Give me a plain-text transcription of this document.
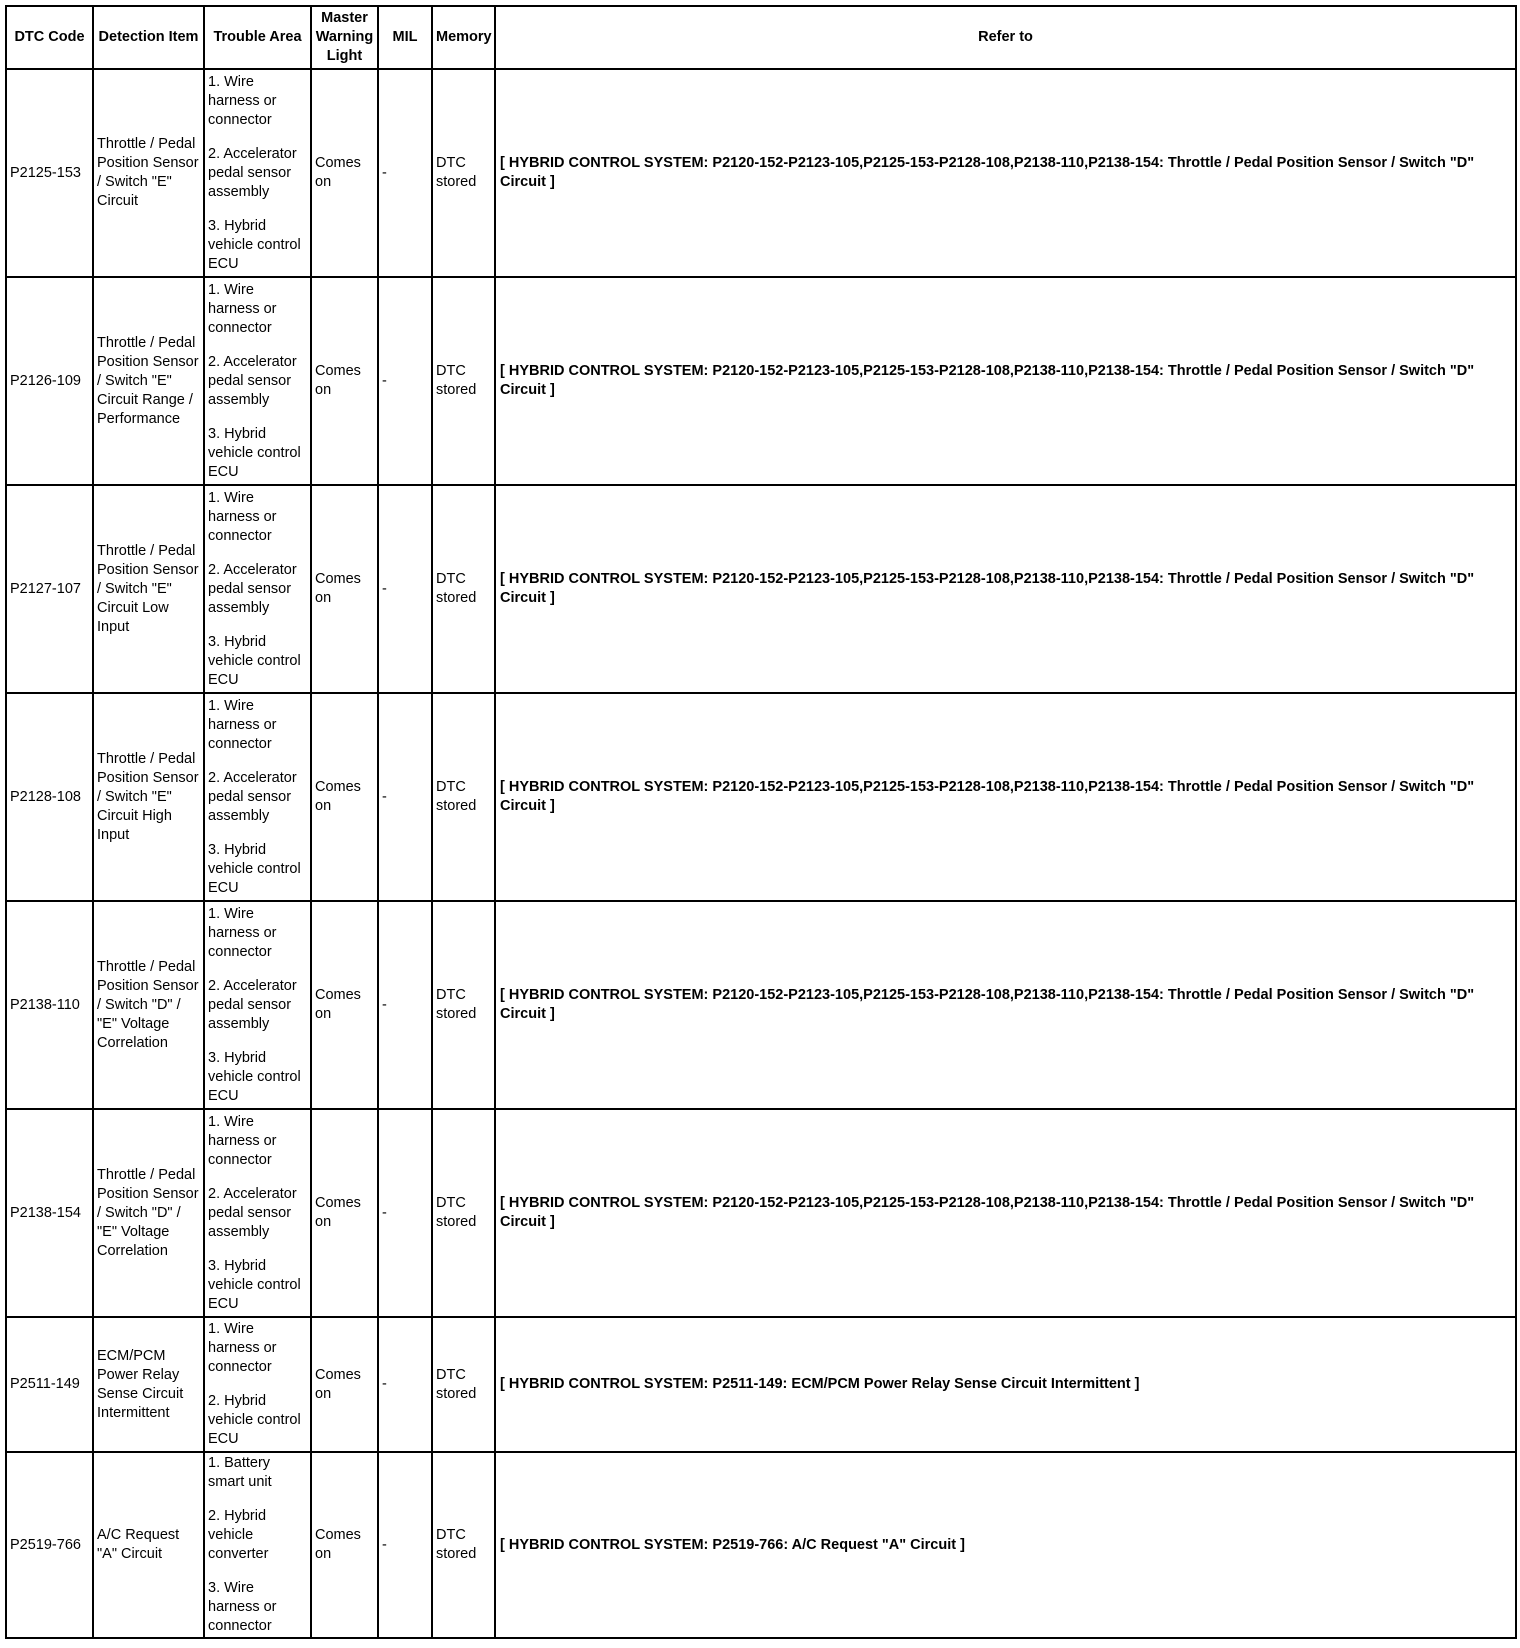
DTC Code	Detection Item	Trouble Area	Master Warning Light	MIL	Memory	Refer to
P2125-153	Throttle / Pedal Position Sensor / Switch "E" Circuit	1. Wire harness or connector
2. Accelerator pedal sensor assembly
3. Hybrid vehicle control ECU	Comes on	-	DTC stored	[ HYBRID CONTROL SYSTEM: P2120-152-P2123-105,P2125-153-P2128-108,P2138-110,P2138-154: Throttle / Pedal Position Sensor / Switch "D" Circuit ]
P2126-109	Throttle / Pedal Position Sensor / Switch "E" Circuit Range / Performance	1. Wire harness or connector
2. Accelerator pedal sensor assembly
3. Hybrid vehicle control ECU	Comes on	-	DTC stored	[ HYBRID CONTROL SYSTEM: P2120-152-P2123-105,P2125-153-P2128-108,P2138-110,P2138-154: Throttle / Pedal Position Sensor / Switch "D" Circuit ]
P2127-107	Throttle / Pedal Position Sensor / Switch "E" Circuit Low Input	1. Wire harness or connector
2. Accelerator pedal sensor assembly
3. Hybrid vehicle control ECU	Comes on	-	DTC stored	[ HYBRID CONTROL SYSTEM: P2120-152-P2123-105,P2125-153-P2128-108,P2138-110,P2138-154: Throttle / Pedal Position Sensor / Switch "D" Circuit ]
P2128-108	Throttle / Pedal Position Sensor / Switch "E" Circuit High Input	1. Wire harness or connector
2. Accelerator pedal sensor assembly
3. Hybrid vehicle control ECU	Comes on	-	DTC stored	[ HYBRID CONTROL SYSTEM: P2120-152-P2123-105,P2125-153-P2128-108,P2138-110,P2138-154: Throttle / Pedal Position Sensor / Switch "D" Circuit ]
P2138-110	Throttle / Pedal Position Sensor / Switch "D" / "E" Voltage Correlation	1. Wire harness or connector
2. Accelerator pedal sensor assembly
3. Hybrid vehicle control ECU	Comes on	-	DTC stored	[ HYBRID CONTROL SYSTEM: P2120-152-P2123-105,P2125-153-P2128-108,P2138-110,P2138-154: Throttle / Pedal Position Sensor / Switch "D" Circuit ]
P2138-154	Throttle / Pedal Position Sensor / Switch "D" / "E" Voltage Correlation	1. Wire harness or connector
2. Accelerator pedal sensor assembly
3. Hybrid vehicle control ECU	Comes on	-	DTC stored	[ HYBRID CONTROL SYSTEM: P2120-152-P2123-105,P2125-153-P2128-108,P2138-110,P2138-154: Throttle / Pedal Position Sensor / Switch "D" Circuit ]
P2511-149	ECM/PCM Power Relay Sense Circuit Intermittent	1. Wire harness or connector
2. Hybrid vehicle control ECU	Comes on	-	DTC stored	[ HYBRID CONTROL SYSTEM: P2511-149: ECM/PCM Power Relay Sense Circuit Intermittent ]
P2519-766	A/C Request "A" Circuit	1. Battery smart unit
2. Hybrid vehicle converter
3. Wire harness or connector	Comes on	-	DTC stored	[ HYBRID CONTROL SYSTEM: P2519-766: A/C Request "A" Circuit ]
